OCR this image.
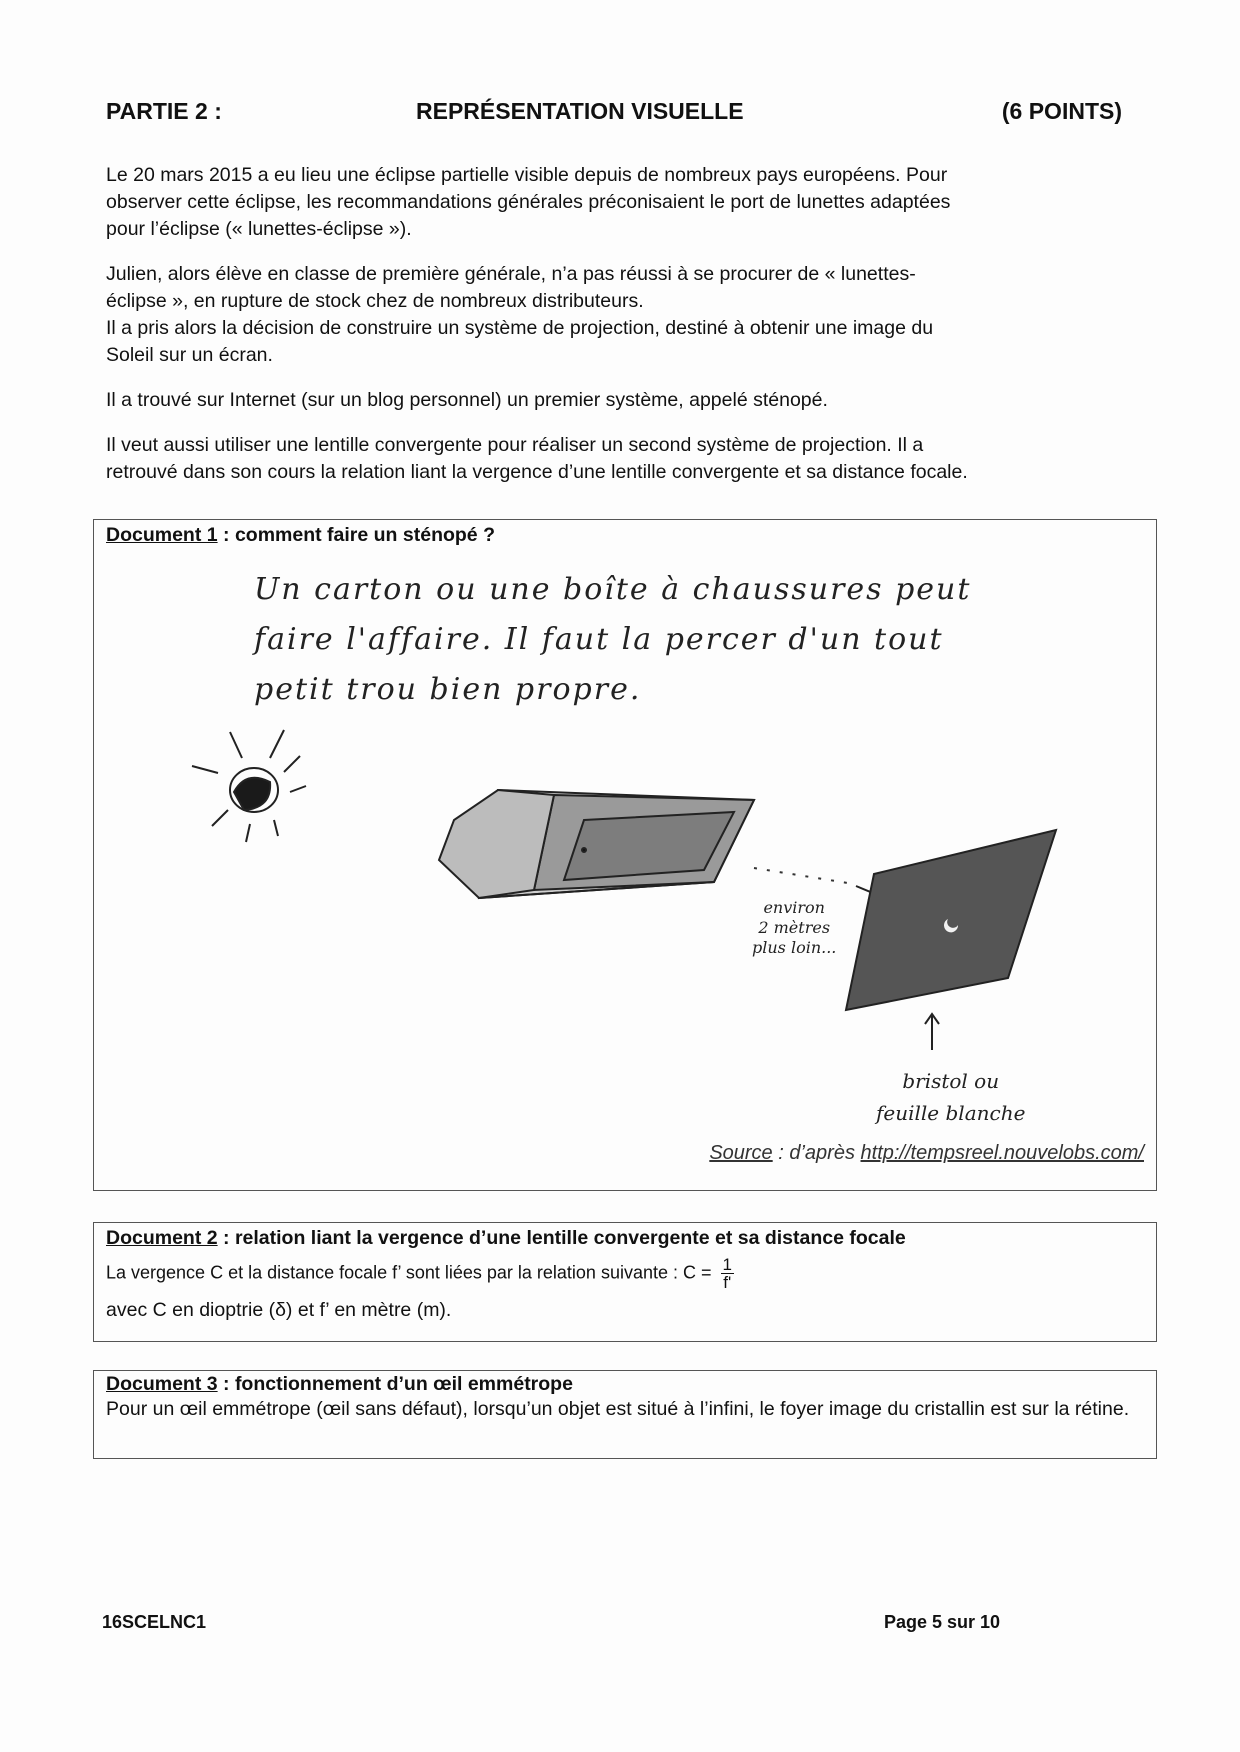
PARTIE 2 :	REPRÉSENTATION VISUELLE	(6 POINTS)

Le 20 mars 2015 a eu lieu une éclipse partielle visible depuis de nombreux pays européens. Pour
observer cette éclipse, les recommandations générales préconisaient le port de lunettes adaptées
pour l’éclipse (« lunettes-éclipse »).

Julien, alors élève en classe de première générale, n’a pas réussi à se procurer de « lunettes-
éclipse », en rupture de stock chez de nombreux distributeurs.
Il a pris alors la décision de construire un système de projection, destiné à obtenir une image du
Soleil sur un écran.

Il a trouvé sur Internet (sur un blog personnel) un premier système, appelé sténopé.

Il veut aussi utiliser une lentille convergente pour réaliser un second système de projection. Il a
retrouvé dans son cours la relation liant la vergence d’une lentille convergente et sa distance focale.

Document 1 : comment faire un sténopé ?
Un carton ou une boîte à chaussures peut
faire l'affaire. Il faut la percer d'un tout
petit trou bien propre.
environ
2 mètres
plus loin...
bristol ou
feuille blanche
Source : d’après http://tempsreel.nouvelobs.com/
Document 2 : relation liant la vergence d’une lentille convergente et sa distance focale
La vergence C et la distance focale f’ sont liées par la relation suivante : $C = \frac{1}{f'}$
avec C en dioptrie (δ) et f’ en mètre (m).
Document 3 : fonctionnement d’un œil emmétrope
Pour un œil emmétrope (œil sans défaut), lorsqu’un objet est situé à l’infini, le foyer image du cristallin est sur la rétine.
16SCELNC1	Page 5 sur 10
